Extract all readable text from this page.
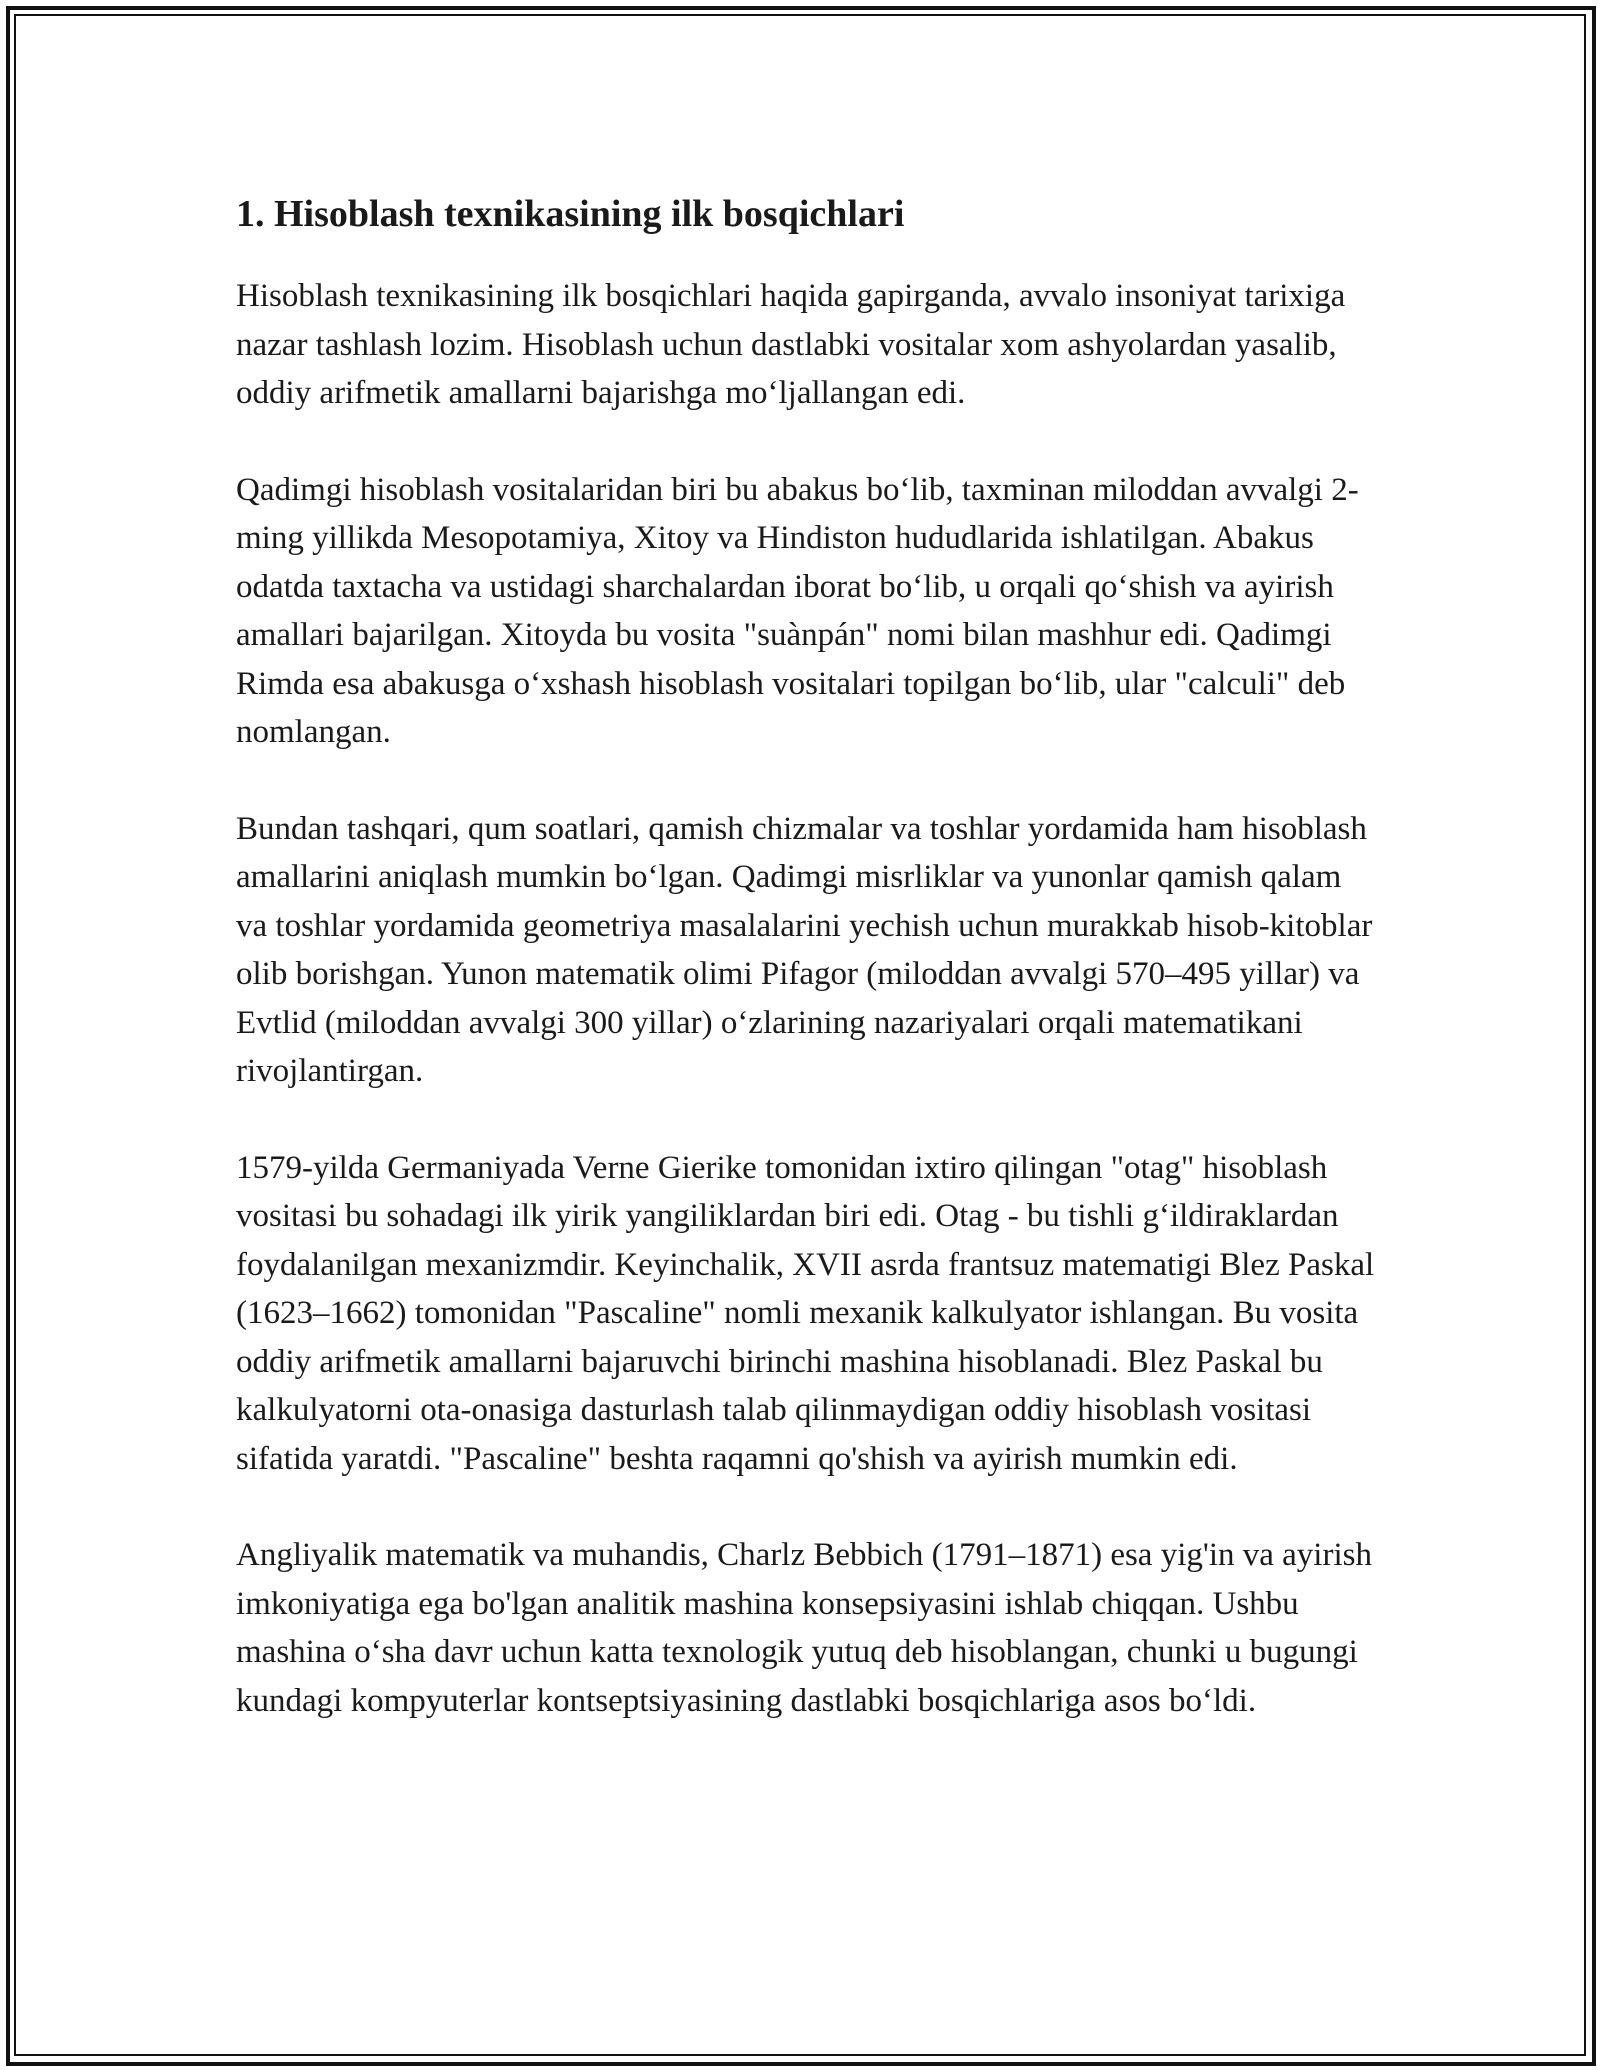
1. Hisoblash texnikasining ilk bosqichlari

Hisoblash texnikasining ilk bosqichlari haqida gapirganda, avvalo insoniyat tarixiga nazar tashlash lozim. Hisoblash uchun dastlabki vositalar xom ashyolardan yasalib, oddiy arifmetik amallarni bajarishga mo‘ljallangan edi.

Qadimgi hisoblash vositalaridan biri bu abakus bo‘lib, taxminan miloddan avvalgi 2-ming yillikda Mesopotamiya, Xitoy va Hindiston hududlarida ishlatilgan. Abakus odatda taxtacha va ustidagi sharchalardan iborat bo‘lib, u orqali qo‘shish va ayirish amallari bajarilgan. Xitoyda bu vosita "suànpán" nomi bilan mashhur edi. Qadimgi Rimda esa abakusga o‘xshash hisoblash vositalari topilgan bo‘lib, ular "calculi" deb nomlangan.

Bundan tashqari, qum soatlari, qamish chizmalar va toshlar yordamida ham hisoblash amallarini aniqlash mumkin bo‘lgan. Qadimgi misrliklar va yunonlar qamish qalam va toshlar yordamida geometriya masalalarini yechish uchun murakkab hisob-kitoblar olib borishgan. Yunon matematik olimi Pifagor (miloddan avvalgi 570–495 yillar) va Evtlid (miloddan avvalgi 300 yillar) o‘zlarining nazariyalari orqali matematikani rivojlantirgan.

1579-yilda Germaniyada Verne Gierike tomonidan ixtiro qilingan "otag" hisoblash vositasi bu sohadagi ilk yirik yangiliklardan biri edi. Otag - bu tishli g‘ildiraklardan foydalanilgan mexanizmdir. Keyinchalik, XVII asrda frantsuz matematigi Blez Paskal (1623–1662) tomonidan "Pascaline" nomli mexanik kalkulyator ishlangan. Bu vosita oddiy arifmetik amallarni bajaruvchi birinchi mashina hisoblanadi. Blez Paskal bu kalkulyatorni ota-onasiga dasturlash talab qilinmaydigan oddiy hisoblash vositasi sifatida yaratdi. "Pascaline" beshta raqamni qo'shish va ayirish mumkin edi.

Angliyalik matematik va muhandis, Charlz Bebbich (1791–1871) esa yig'in va ayirish imkoniyatiga ega bo'lgan analitik mashina konsepsiyasini ishlab chiqqan. Ushbu mashina o‘sha davr uchun katta texnologik yutuq deb hisoblangan, chunki u bugungi kundagi kompyuterlar kontseptsiyasining dastlabki bosqichlariga asos bo‘ldi.
